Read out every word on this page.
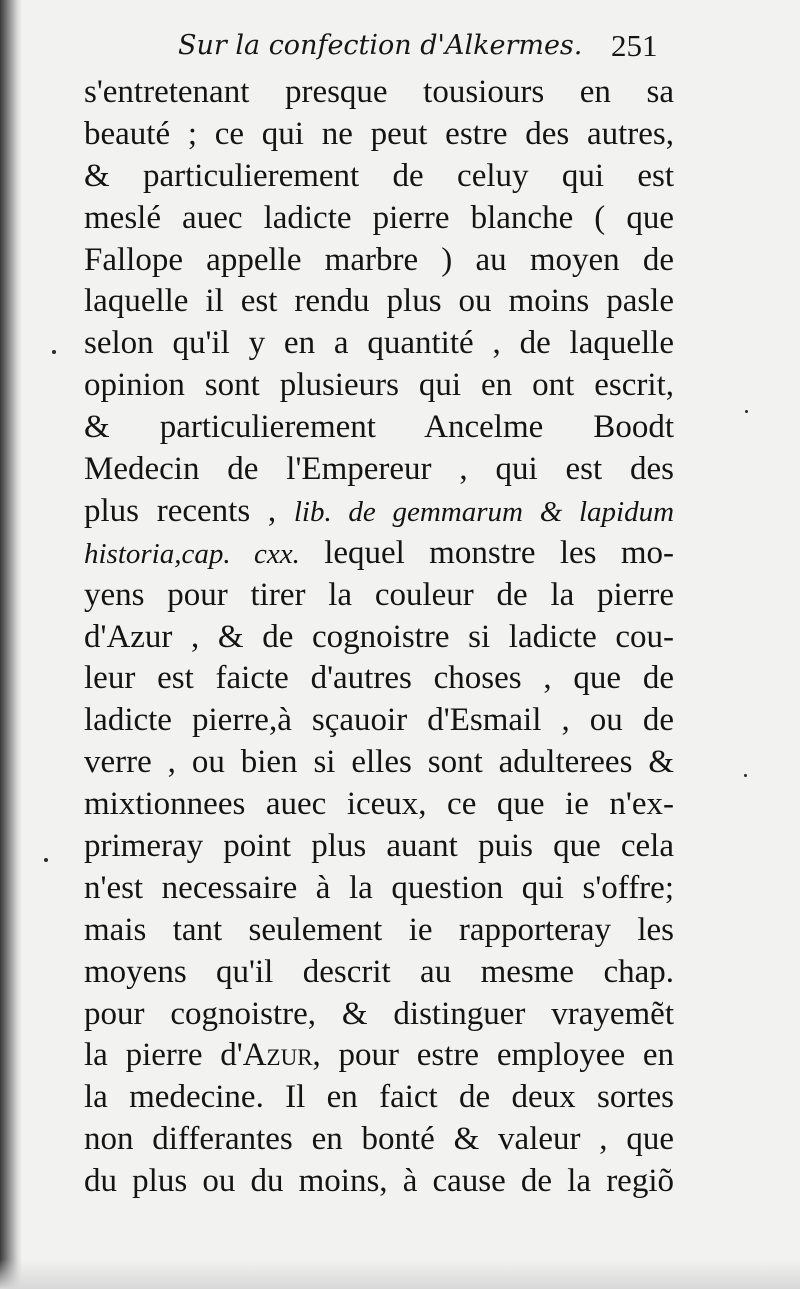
Sur la confection d'Alkermes. 251
s'entretenant presque tousiours en sa
beauté ; ce qui ne peut estre des autres,
& particulierement de celuy qui est
meslé auec ladicte pierre blanche ( que
Fallope appelle marbre ) au moyen de
laquelle il est rendu plus ou moins pasle
selon qu'il y en a quantité , de laquelle
opinion sont plusieurs qui en ont escrit,
& particulierement Ancelme Boodt
Medecin de l'Empereur , qui est des
plus recents , lib. de gemmarum & lapidum
historia,cap. cxx. lequel monstre les mo-
yens pour tirer la couleur de la pierre
d'Azur , & de cognoistre si ladicte cou-
leur est faicte d'autres choses , que de
ladicte pierre,à sçauoir d'Esmail , ou de
verre , ou bien si elles sont adulterees &
mixtionnees auec iceux, ce que ie n'ex-
primeray point plus auant puis que cela
n'est necessaire à la question qui s'offre;
mais tant seulement ie rapporteray les
moyens qu'il descrit au mesme chap.
pour cognoistre, & distinguer vrayemẽt
la pierre d'Azur, pour estre employee en
la medecine. Il en faict de deux sortes
non differantes en bonté & valeur , que
du plus ou du moins, à cause de la regiõ
